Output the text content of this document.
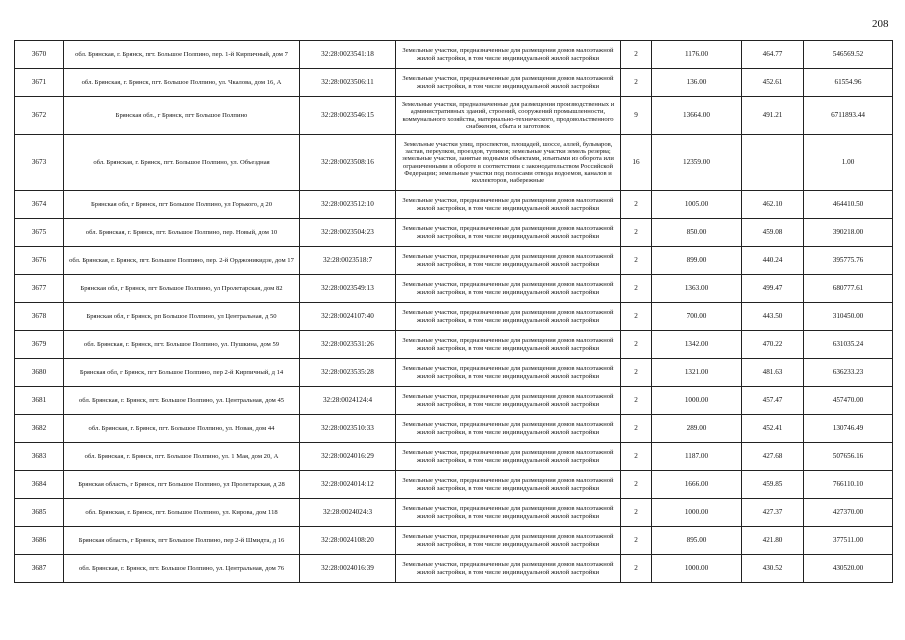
208
3670	обл. Брянская, г. Брянск, пгт. Большое Полпино, пер. 1-й Кирпичный, дом 7	32:28:0023541:18	Земельные участки, предназначенные для размещения домов малоэтажной жилой застройки, в том числе индивидуальной жилой застройки	2	1176.00	464.77	546569.52
3671	обл. Брянская, г. Брянск, пгт. Большое Полпино, ул. Чкалова, дом 16, А	32:28:0023506:11	Земельные участки, предназначенные для размещения домов малоэтажной жилой застройки, в том числе индивидуальной жилой застройки	2	136.00	452.61	61554.96
3672	Брянская обл., г Брянск, пгт Большое Полпино	32:28:0023546:15	Земельные участки, предназначенные для размещения производственных и административных зданий, строений, сооружений промышленности, коммунального хозяйства, материально-технического, продовольственного снабжения, сбыта и заготовок	9	13664.00	491.21	6711893.44
3673	обл. Брянская, г. Брянск, пгт. Большое Полпино, ул. Объездная	32:28:0023508:16	Земельные участки улиц, проспектов, площадей, шоссе, аллей, бульваров, застав, переулков, проездов, тупиков; земельные участки земель резерва; земельные участки, занятые водными объектами, изъятыми из оборота или ограниченными в обороте в соответствии с законодательством Российской Федерации; земельные участки под полосами отвода водоемов, каналов и коллекторов, набережные	16	12359.00		1.00
3674	Брянская обл, г Брянск, пгт Большое Полпино, ул Горького, д 20	32:28:0023512:10	Земельные участки, предназначенные для размещения домов малоэтажной жилой застройки, в том числе индивидуальной жилой застройки	2	1005.00	462.10	464410.50
3675	обл. Брянская, г. Брянск, пгт. Большое Полпино, пер. Новый, дом 10	32:28:0023504:23	Земельные участки, предназначенные для размещения домов малоэтажной жилой застройки, в том числе индивидуальной жилой застройки	2	850.00	459.08	390218.00
3676	обл. Брянская, г. Брянск, пгт. Большое Полпино, пер. 2-й Орджоникидзе, дом 17	32:28:0023518:7	Земельные участки, предназначенные для размещения домов малоэтажной жилой застройки, в том числе индивидуальной жилой застройки	2	899.00	440.24	395775.76
3677	Брянская обл, г Брянск, пгт Большое Полпино, ул Пролетарская, дом 82	32:28:0023549:13	Земельные участки, предназначенные для размещения домов малоэтажной жилой застройки, в том числе индивидуальной жилой застройки	2	1363.00	499.47	680777.61
3678	Брянская обл, г Брянск, рп Большое Полпино, ул Центральная, д 50	32:28:0024107:40	Земельные участки, предназначенные для размещения домов малоэтажной жилой застройки, в том числе индивидуальной жилой застройки	2	700.00	443.50	310450.00
3679	обл. Брянская, г. Брянск, пгт. Большое Полпино, ул. Пушкина, дом 59	32:28:0023531:26	Земельные участки, предназначенные для размещения домов малоэтажной жилой застройки, в том числе индивидуальной жилой застройки	2	1342.00	470.22	631035.24
3680	Брянская обл, г Брянск, пгт Большое Полпино, пер 2-й Кирпичный, д 14	32:28:0023535:28	Земельные участки, предназначенные для размещения домов малоэтажной жилой застройки, в том числе индивидуальной жилой застройки	2	1321.00	481.63	636233.23
3681	обл. Брянская, г. Брянск, пгт. Большое Полпино, ул. Центральная, дом 45	32:28:0024124:4	Земельные участки, предназначенные для размещения домов малоэтажной жилой застройки, в том числе индивидуальной жилой застройки	2	1000.00	457.47	457470.00
3682	обл. Брянская, г. Брянск, пгт. Большое Полпино, ул. Новая, дом 44	32:28:0023510:33	Земельные участки, предназначенные для размещения домов малоэтажной жилой застройки, в том числе индивидуальной жилой застройки	2	289.00	452.41	130746.49
3683	обл. Брянская, г. Брянск, пгт. Большое Полпино, ул. 1 Мая, дом 20, А	32:28:0024016:29	Земельные участки, предназначенные для размещения домов малоэтажной жилой застройки, в том числе индивидуальной жилой застройки	2	1187.00	427.68	507656.16
3684	Брянская область, г Брянск, пгт Большое Полпино, ул Пролетарская, д 28	32:28:0024014:12	Земельные участки, предназначенные для размещения домов малоэтажной жилой застройки, в том числе индивидуальной жилой застройки	2	1666.00	459.85	766110.10
3685	обл. Брянская, г. Брянск, пгт. Большое Полпино, ул. Кирова, дом 118	32:28:0024024:3	Земельные участки, предназначенные для размещения домов малоэтажной жилой застройки, в том числе индивидуальной жилой застройки	2	1000.00	427.37	427370.00
3686	Брянская область, г Брянск, пгт Большое Полпино, пер 2-й Шмидта, д 16	32:28:0024108:20	Земельные участки, предназначенные для размещения домов малоэтажной жилой застройки, в том числе индивидуальной жилой застройки	2	895.00	421.80	377511.00
3687	обл. Брянская, г. Брянск, пгт. Большое Полпино, ул. Центральная, дом 76	32:28:0024016:39	Земельные участки, предназначенные для размещения домов малоэтажной жилой застройки, в том числе индивидуальной жилой застройки	2	1000.00	430.52	430520.00
